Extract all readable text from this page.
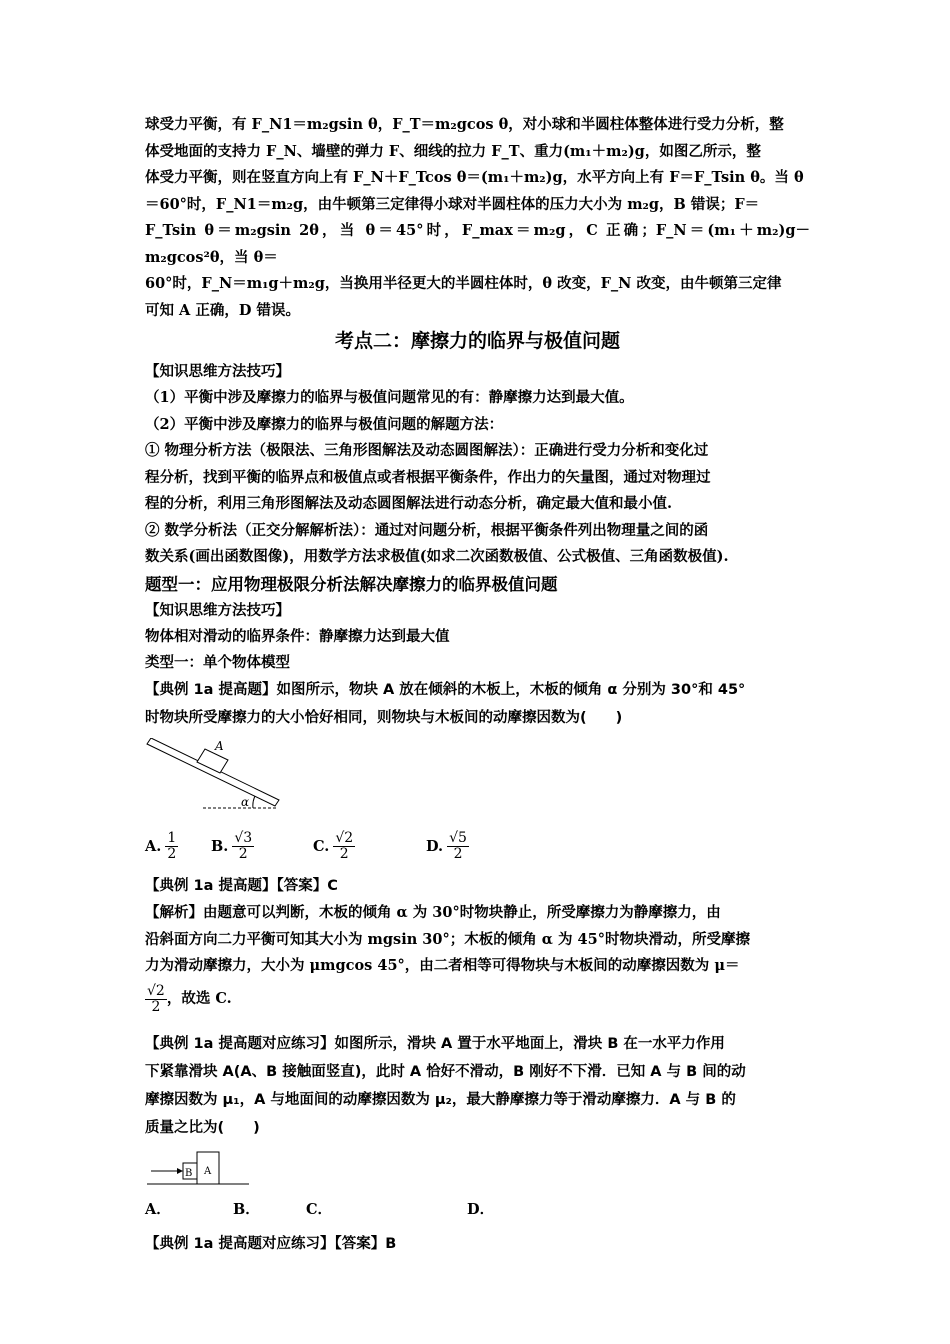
球受力平衡，有 F_N1＝m₂gsin θ，F_T＝m₂gcos θ，对小球和半圆柱体整体进行受力分析，整

体受地面的支持力 F_N、墙壁的弹力 F、细线的拉力 F_T、重力(m₁＋m₂)g，如图乙所示，整

体受力平衡，则在竖直方向上有 F_N＋F_Tcos θ＝(m₁＋m₂)g，水平方向上有 F＝F_Tsin θ。当 θ

＝60°时，F_N1＝m₂g，由牛顿第三定律得小球对半圆柱体的压力大小为 m₂g，B 错误；F＝

F_Tsin θ＝m₂gsin 2θ，当 θ＝45°时，F_max＝m₂g，C 正确；F_N＝(m₁＋m₂)g－m₂gcos²θ，当 θ＝

60°时，F_N＝m₁g＋m₂g，当换用半径更大的半圆柱体时，θ 改变，F_N 改变，由牛顿第三定律

可知 A 正确，D 错误。

考点二：摩擦力的临界与极值问题

【知识思维方法技巧】

（1）平衡中涉及摩擦力的临界与极值问题常见的有：静摩擦力达到最大值。

（2）平衡中涉及摩擦力的临界与极值问题的解题方法：

① 物理分析方法（极限法、三角形图解法及动态圆图解法）：正确进行受力分析和变化过

程分析，找到平衡的临界点和极值点或者根据平衡条件，作出力的矢量图，通过对物理过

程的分析，利用三角形图解法及动态圆图解法进行动态分析，确定最大值和最小值.

② 数学分析法（正交分解解析法）：通过对问题分析，根据平衡条件列出物理量之间的函

数关系(画出函数图像)，用数学方法求极值(如求二次函数极值、公式极值、三角函数极值).

题型一：应用物理极限分析法解决摩擦力的临界极值问题

【知识思维方法技巧】

物体相对滑动的临界条件：静摩擦力达到最大值

类型一：单个物体模型

【典例 1a 提高题】如图所示，物块 A 放在倾斜的木板上，木板的倾角 α 分别为 30°和 45°

时物块所受摩擦力的大小恰好相同，则物块与木板间的动摩擦因数为(　　)

A
α
A. $\frac{1}{2} B$. $\frac{√3}{2}$	C. $\frac{√2}{2}$	D. $\frac{√5}{2}$

【典例 1a 提高题】【答案】C

【解析】由题意可以判断，木板的倾角 α 为 30°时物块静止，所受摩擦力为静摩擦力，由

沿斜面方向二力平衡可知其大小为 mgsin 30°；木板的倾角 α 为 45°时物块滑动，所受摩擦

力为滑动摩擦力，大小为 μmgcos 45°，由二者相等可得物块与木板间的动摩擦因数为 μ＝

$\frac{√2}{2}$ ，故选 C.

【典例 1a 提高题对应练习】如图所示，滑块 A 置于水平地面上，滑块 B 在一水平力作用

下紧靠滑块 A(A、B 接触面竖直)，此时 A 恰好不滑动，B 刚好不下滑．已知 A 与 B 间的动

摩擦因数为 μ₁，A 与地面间的动摩擦因数为 μ₂，最大静摩擦力等于滑动摩擦力．A 与 B 的

质量之比为(　　)

B A
A．	B．	C．	D．

【典例 1a 提高题对应练习】【答案】B
